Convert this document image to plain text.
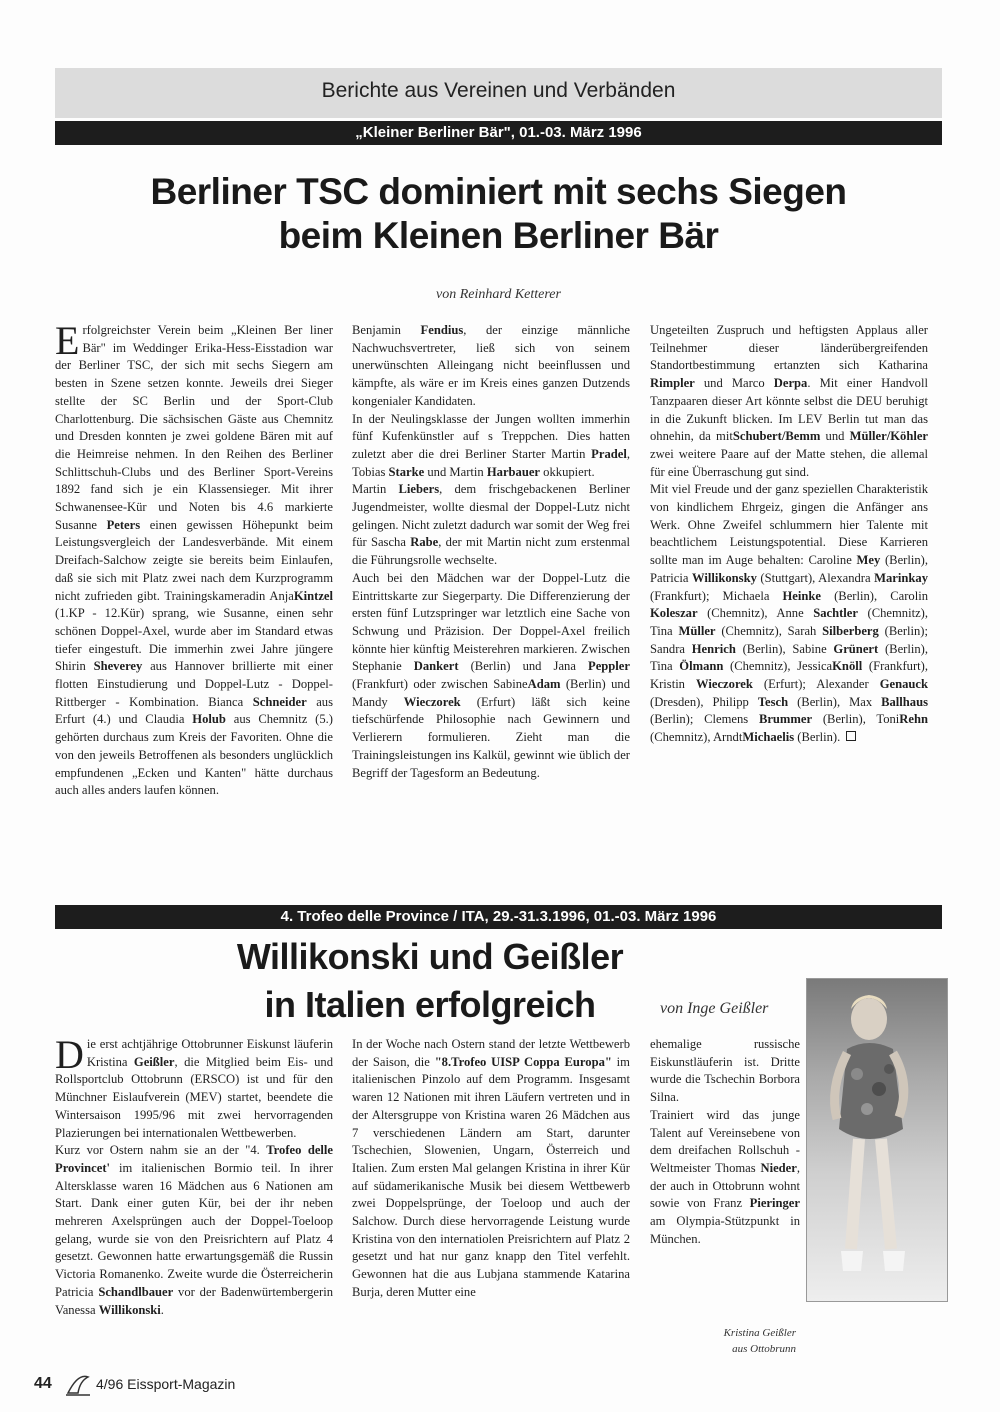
Berichte aus Vereinen und Verbänden
„Kleiner Berliner Bär", 01.-03. März 1996
Berliner TSC dominiert mit sechs Siegen
beim Kleinen Berliner Bär
von Reinhard Ketterer
E rfolgreichster Verein beim „Kleinen Ber liner Bär" im Weddinger Erika-Hess-Eisstadion war der Berliner TSC, der sich mit sechs Siegern am besten in Szene setzen konnte. Jeweils drei Sieger stellte der SC Berlin und der Sport-Club Charlottenburg. Die sächsischen Gäste aus Chemnitz und Dresden konnten je zwei goldene Bären mit auf die Heimreise nehmen. In den Reihen des Berliner Schlittschuh-Clubs und des Berliner Sport-Vereins 1892 fand sich je ein Klassensieger. Mit ihrer Schwanensee-Kür und Noten bis 4.6 markierte Susanne Peters einen gewissen Höhepunkt beim Leistungsvergleich der Landesverbände. Mit einem Dreifach-Salchow zeigte sie bereits beim Einlaufen, daß sie sich mit Platz zwei nach dem Kurzprogramm nicht zufrieden gibt. Trainingskameradin AnjaKintzel (1.KP - 12.Kür) sprang, wie Susanne, einen sehr schönen Doppel-Axel, wurde aber im Standard etwas tiefer eingestuft. Die immerhin zwei Jahre jüngere Shirin Sheverey aus Hannover brillierte mit einer flotten Einstudierung und Doppel-Lutz - Doppel-Rittberger - Kombination. Bianca Schneider aus Erfurt (4.) und Claudia Holub aus Chemnitz (5.) gehörten durchaus zum Kreis der Favoriten. Ohne die von den jeweils Betroffenen als besonders unglücklich empfundenen „Ecken und Kanten" hätte durchaus auch alles anders laufen können.
Benjamin Fendius, der einzige männliche Nachwuchsvertreter, ließ sich von seinem unerwünschten Alleingang nicht beeinflussen und kämpfte, als wäre er im Kreis eines ganzen Dutzends kongenialer Kandidaten.
In der Neulingsklasse der Jungen wollten immerhin fünf Kufenkünstler auf s Treppchen. Dies hatten zuletzt aber die drei Berliner Starter Martin Pradel, Tobias Starke und Martin Harbauer okkupiert.
Martin Liebers, dem frischgebackenen Berliner Jugendmeister, wollte diesmal der Doppel-Lutz nicht gelingen. Nicht zuletzt dadurch war somit der Weg frei für Sascha Rabe, der mit Martin nicht zum erstenmal die Führungsrolle wechselte.
Auch bei den Mädchen war der Doppel-Lutz die Eintrittskarte zur Siegerparty. Die Differenzierung der ersten fünf Lutzspringer war letztlich eine Sache von Schwung und Präzision. Der Doppel-Axel freilich könnte hier künftig Meisterehren markieren. Zwischen Stephanie Dankert (Berlin) und Jana Peppler (Frankfurt) oder zwischen SabineAdam (Berlin) und Mandy Wieczorek (Erfurt) läßt sich keine tiefschürfende Philosophie nach Gewinnern und Verlierern formulieren. Zieht man die Trainingsleistungen ins Kalkül, gewinnt wie üblich der Begriff der Tagesform an Bedeutung.
Ungeteilten Zuspruch und heftigsten Applaus aller Teilnehmer dieser länderübergreifenden Standortbestimmung ertanzten sich Katharina Rimpler und Marco Derpa. Mit einer Handvoll Tanzpaaren dieser Art könnte selbst die DEU beruhigt in die Zukunft blicken. Im LEV Berlin tut man das ohnehin, da mitSchubert/Bemm und Müller/Köhler zwei weitere Paare auf der Matte stehen, die allemal für eine Überraschung gut sind.
Mit viel Freude und der ganz speziellen Charakteristik von kindlichem Ehrgeiz, gingen die Anfänger ans Werk. Ohne Zweifel schlummern hier Talente mit beachtlichem Leistungspotential. Diese Karrieren sollte man im Auge behalten: Caroline Mey (Berlin), Patricia Willikonsky (Stuttgart), Alexandra Marinkay (Frankfurt); Michaela Heinke (Berlin), Carolin Koleszar (Chemnitz), Anne Sachtler (Chemnitz), Tina Müller (Chemnitz), Sarah Silberberg (Berlin); Sandra Henrich (Berlin), Sabine Grünert (Berlin), Tina Ölmann (Chemnitz), JessicaKnöll (Frankfurt), Kristin Wieczorek (Erfurt); Alexander Genauck (Dresden), Philipp Tesch (Berlin), Max Ballhaus (Berlin); Clemens Brummer (Berlin), ToniRehn (Chemnitz), ArndtMichaelis (Berlin).
4. Trofeo delle Province / ITA, 29.-31.3.1996, 01.-03. März 1996
Willikonski und Geißler
in Italien erfolgreich	von Inge Geißler
D ie erst achtjährige Ottobrunner Eiskunst läuferin Kristina Geißler, die Mitglied beim Eis- und Rollsportclub Ottobrunn (ERSCO) ist und für den Münchner Eislaufverein (MEV) startet, beendete die Wintersaison 1995/96 mit zwei hervorragenden Plazierungen bei internationalen Wettbewerben.
Kurz vor Ostern nahm sie an der "4. Trofeo delle Provincet' im italienischen Bormio teil. In ihrer Altersklasse waren 16 Mädchen aus 6 Nationen am Start. Dank einer guten Kür, bei der ihr neben mehreren Axelsprüngen auch der Doppel-Toeloop gelang, wurde sie von den Preisrichtern auf Platz 4 gesetzt. Gewonnen hatte erwartungsgemäß die Russin Victoria Romanenko. Zweite wurde die Österreicherin Patricia Schandlbauer vor der Badenwürtembergerin Vanessa Willikonski.
In der Woche nach Ostern stand der letzte Wettbewerb der Saison, die "8.Trofeo UISP Coppa Europa" im italienischen Pinzolo auf dem Programm. Insgesamt waren 12 Nationen mit ihren Läufern vertreten und in der Altersgruppe von Kristina waren 26 Mädchen aus 7 verschiedenen Ländern am Start, darunter Tschechien, Slowenien, Ungarn, Österreich und Italien. Zum ersten Mal gelangen Kristina in ihrer Kür auf südamerikanische Musik bei diesem Wettbewerb zwei Doppelsprünge, der Toeloop und auch der Salchow. Durch diese hervorragende Leistung wurde Kristina von den internatiolen Preisrichtern auf Platz 2 gesetzt und hat nur ganz knapp den Titel verfehlt. Gewonnen hat die aus Lubjana stammende Katarina Burja, deren Mutter eine
ehemalige russische Eiskunstläuferin ist. Dritte wurde die Tschechin Borbora Silna.
Trainiert wird das junge Talent auf Vereinsebene von dem dreifachen Rollschuh - Weltmeister Thomas Nieder, der auch in Ottobrunn wohnt sowie von Franz Pieringer am Olympia-Stützpunkt in München.
Kristina Geißler
aus Ottobrunn
44	4/96 Eissport-Magazin
